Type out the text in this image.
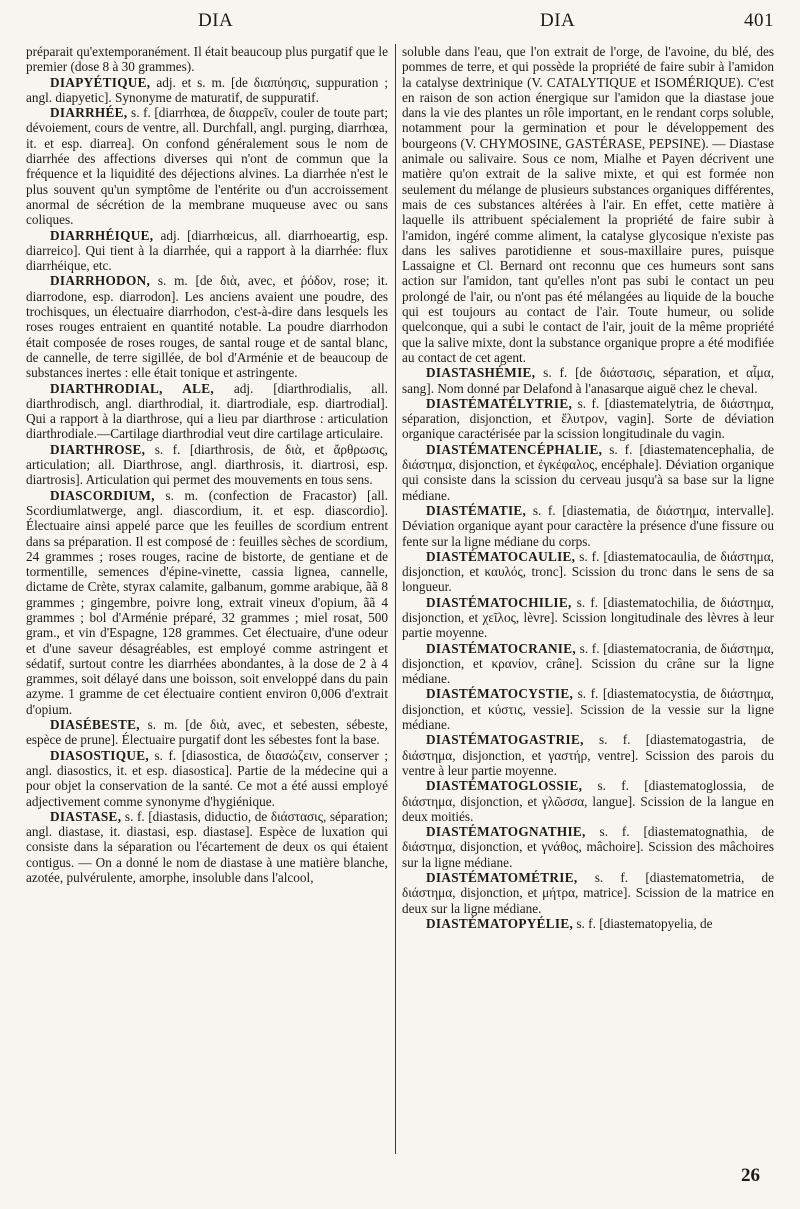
DIA	DIA	401

préparait qu'extemporanément. Il était beaucoup plus purgatif que le premier (dose 8 à 30 grammes).

DIAPYÉTIQUE, adj. et s. m. [de διαπύησις, suppuration ; angl. diapyetic]. Synonyme de maturatif, de suppuratif.

DIARRHÉE, s. f. [diarrhœa, de διαρρεῖν, couler de toute part; dévoiement, cours de ventre, all. Durchfall, angl. purging, diarrhœa, it. et esp. diarrea]. On confond généralement sous le nom de diarrhée des affections diverses qui n'ont de commun que la fréquence et la liquidité des déjections alvines. La diarrhée n'est le plus souvent qu'un symptôme de l'entérite ou d'un accroissement anormal de sécrétion de la membrane muqueuse avec ou sans coliques.

DIARRHÉIQUE, adj. [diarrhœicus, all. diarrhoeartig, esp. diarreico]. Qui tient à la diarrhée, qui a rapport à la diarrhée: flux diarrhéique, etc.

DIARRHODON, s. m. [de διὰ, avec, et ῥόδον, rose; it. diarrodone, esp. diarrodon]. Les anciens avaient une poudre, des trochisques, un électuaire diarrhodon, c'est-à-dire dans lesquels les roses rouges entraient en quantité notable. La poudre diarrhodon était composée de roses rouges, de santal rouge et de santal blanc, de cannelle, de terre sigillée, de bol d'Arménie et de beaucoup de substances inertes : elle était tonique et astringente.

DIARTHRODIAL, ALE, adj. [diarthrodialis, all. diarthrodisch, angl. diarthrodial, it. diartrodiale, esp. diartrodial]. Qui a rapport à la diarthrose, qui a lieu par diarthrose : articulation diarthrodiale.—Cartilage diarthrodial veut dire cartilage articulaire.

DIARTHROSE, s. f. [diarthrosis, de διὰ, et ἄρθρωσις, articulation; all. Diarthrose, angl. diarthrosis, it. diartrosi, esp. diartrosis]. Articulation qui permet des mouvements en tous sens.

DIASCORDIUM, s. m. (confection de Fracastor) [all. Scordiumlatwerge, angl. diascordium, it. et esp. diascordio]. Électuaire ainsi appelé parce que les feuilles de scordium entrent dans sa préparation. Il est composé de : feuilles sèches de scordium, 24 grammes ; roses rouges, racine de bistorte, de gentiane et de tormentille, semences d'épine-vinette, cassia lignea, cannelle, dictame de Crète, styrax calamite, galbanum, gomme arabique, ãã 8 grammes ; gingembre, poivre long, extrait vineux d'opium, ãã 4 grammes ; bol d'Arménie préparé, 32 grammes ; miel rosat, 500 gram., et vin d'Espagne, 128 grammes. Cet électuaire, d'une odeur et d'une saveur désagréables, est employé comme astringent et sédatif, surtout contre les diarrhées abondantes, à la dose de 2 à 4 grammes, soit délayé dans une boisson, soit enveloppé dans du pain azyme. 1 gramme de cet électuaire contient environ 0,006 d'extrait d'opium.

DIASÉBESTE, s. m. [de διὰ, avec, et sebesten, sébeste, espèce de prune]. Électuaire purgatif dont les sébestes font la base.

DIASOSTIQUE, s. f. [diasostica, de διασώζειν, conserver ; angl. diasostics, it. et esp. diasostica]. Partie de la médecine qui a pour objet la conservation de la santé. Ce mot a été aussi employé adjectivement comme synonyme d'hygiénique.

DIASTASE, s. f. [diastasis, diductio, de διάστασις, séparation; angl. diastase, it. diastasi, esp. diastase]. Espèce de luxation qui consiste dans la séparation ou l'écartement de deux os qui étaient contigus. — On a donné le nom de diastase à une matière blanche, azotée, pulvérulente, amorphe, insoluble dans l'alcool,

soluble dans l'eau, que l'on extrait de l'orge, de l'avoine, du blé, des pommes de terre, et qui possède la propriété de faire subir à l'amidon la catalyse dextrinique (V. CATALYTIQUE et ISOMÉRIQUE). C'est en raison de son action énergique sur l'amidon que la diastase joue dans la vie des plantes un rôle important, en le rendant corps soluble, notamment pour la germination et pour le développement des bourgeons (V. CHYMOSINE, GASTÉRASE, PEPSINE). — Diastase animale ou salivaire. Sous ce nom, Mialhe et Payen décrivent une matière qu'on extrait de la salive mixte, et qui est formée non seulement du mélange de plusieurs substances organiques différentes, mais de ces substances altérées à l'air. En effet, cette matière à laquelle ils attribuent spécialement la propriété de faire subir à l'amidon, ingéré comme aliment, la catalyse glycosique n'existe pas dans les salives parotidienne et sous-maxillaire pures, puisque Lassaigne et Cl. Bernard ont reconnu que ces humeurs sont sans action sur l'amidon, tant qu'elles n'ont pas subi le contact un peu prolongé de l'air, ou n'ont pas été mélangées au liquide de la bouche qui est toujours au contact de l'air. Toute humeur, ou solide quelconque, qui a subi le contact de l'air, jouit de la même propriété que la salive mixte, dont la substance organique propre a été modifiée au contact de cet agent.

DIASTASHÉMIE, s. f. [de διάστασις, séparation, et αἷμα, sang]. Nom donné par Delafond à l'anasarque aiguë chez le cheval.

DIASTÉMATÉLYTRIE, s. f. [diastematelytria, de διάστημα, séparation, disjonction, et ἔλυτρον, vagin]. Sorte de déviation organique caractérisée par la scission longitudinale du vagin.

DIASTÉMATENCÉPHALIE, s. f. [diastematencephalia, de διάστημα, disjonction, et ἐγκέφαλος, encéphale]. Déviation organique qui consiste dans la scission du cerveau jusqu'à sa base sur la ligne médiane.

DIASTÉMATIE, s. f. [diastematia, de διάστημα, intervalle]. Déviation organique ayant pour caractère la présence d'une fissure ou fente sur la ligne médiane du corps.

DIASTÉMATOCAULIE, s. f. [diastematocaulia, de διάστημα, disjonction, et καυλός, tronc]. Scission du tronc dans le sens de sa longueur.

DIASTÉMATOCHILIE, s. f. [diastematochilia, de διάστημα, disjonction, et χεῖλος, lèvre]. Scission longitudinale des lèvres à leur partie moyenne.

DIASTÉMATOCRANIE, s. f. [diastematocrania, de διάστημα, disjonction, et κρανίον, crâne]. Scission du crâne sur la ligne médiane.

DIASTÉMATOCYSTIE, s. f. [diastematocystia, de διάστημα, disjonction, et κύστις, vessie]. Scission de la vessie sur la ligne médiane.

DIASTÉMATOGASTRIE, s. f. [diastematogastria, de διάστημα, disjonction, et γαστήρ, ventre]. Scission des parois du ventre à leur partie moyenne.

DIASTÉMATOGLOSSIE, s. f. [diastematoglossia, de διάστημα, disjonction, et γλῶσσα, langue]. Scission de la langue en deux moitiés.

DIASTÉMATOGNATHIE, s. f. [diastematognathia, de διάστημα, disjonction, et γνάθος, mâchoire]. Scission des mâchoires sur la ligne médiane.

DIASTÉMATOMÉTRIE, s. f. [diastematometria, de διάστημα, disjonction, et μήτρα, matrice]. Scission de la matrice en deux sur la ligne médiane.

DIASTÉMATOPYÉLIE, s. f. [diastematopyelia, de

26
